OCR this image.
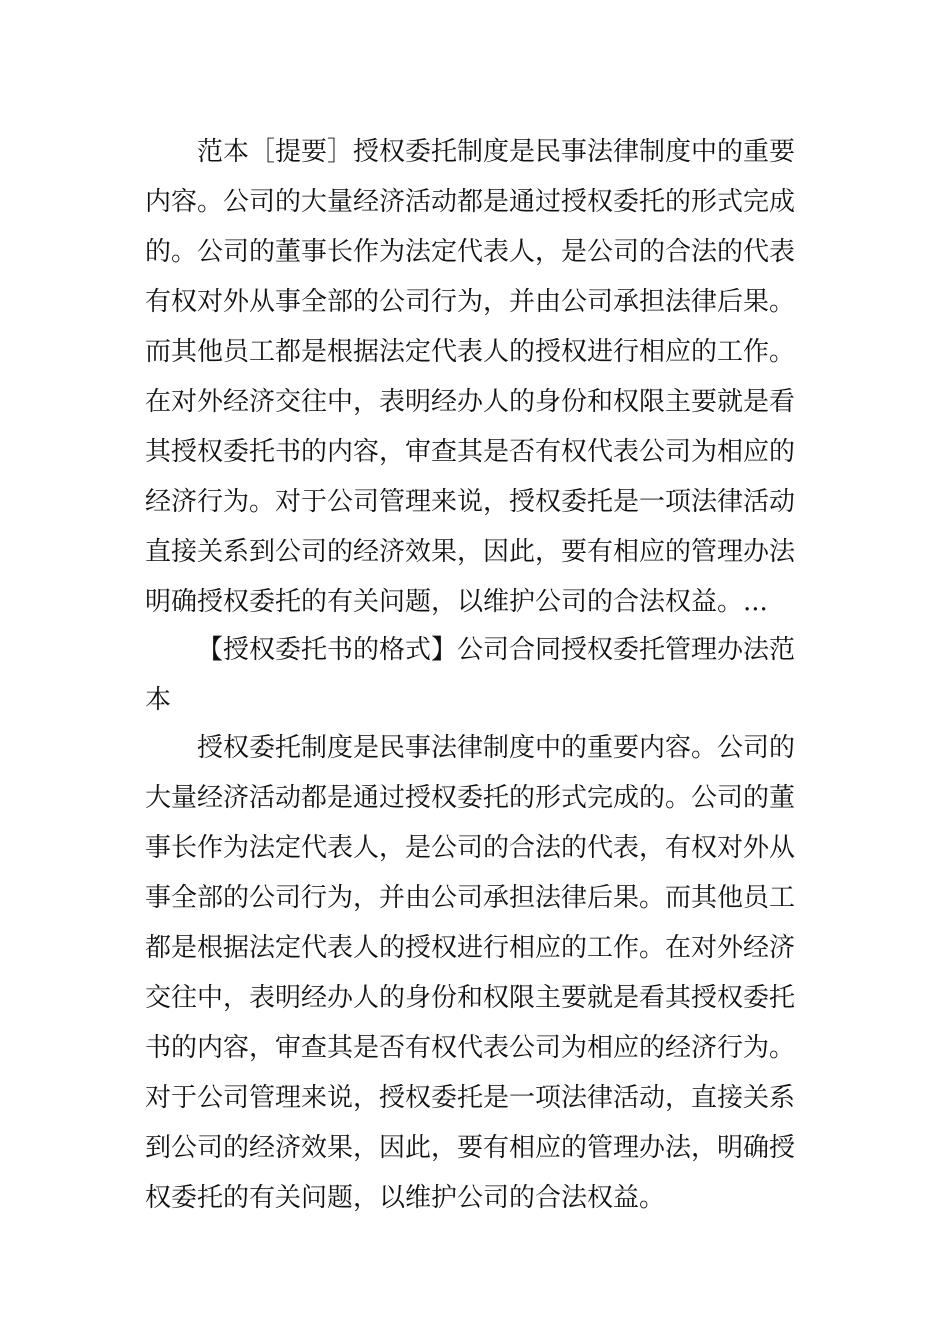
范本［提要］授权委托制度是民事法律制度中的重要
内容。公司的大量经济活动都是通过授权委托的形式完成
的。公司的董事长作为法定代表人，是公司的合法的代表
有权对外从事全部的公司行为，并由公司承担法律后果。
而其他员工都是根据法定代表人的授权进行相应的工作。
在对外经济交往中，表明经办人的身份和权限主要就是看
其授权委托书的内容，审查其是否有权代表公司为相应的
经济行为。对于公司管理来说，授权委托是一项法律活动
直接关系到公司的经济效果，因此，要有相应的管理办法
明确授权委托的有关问题，以维护公司的合法权益。...
【授权委托书的格式】公司合同授权委托管理办法范
本
授权委托制度是民事法律制度中的重要内容。公司的
大量经济活动都是通过授权委托的形式完成的。公司的董
事长作为法定代表人，是公司的合法的代表，有权对外从
事全部的公司行为，并由公司承担法律后果。而其他员工
都是根据法定代表人的授权进行相应的工作。在对外经济
交往中，表明经办人的身份和权限主要就是看其授权委托
书的内容，审查其是否有权代表公司为相应的经济行为。
对于公司管理来说，授权委托是一项法律活动，直接关系
到公司的经济效果，因此，要有相应的管理办法，明确授
权委托的有关问题，以维护公司的合法权益。
